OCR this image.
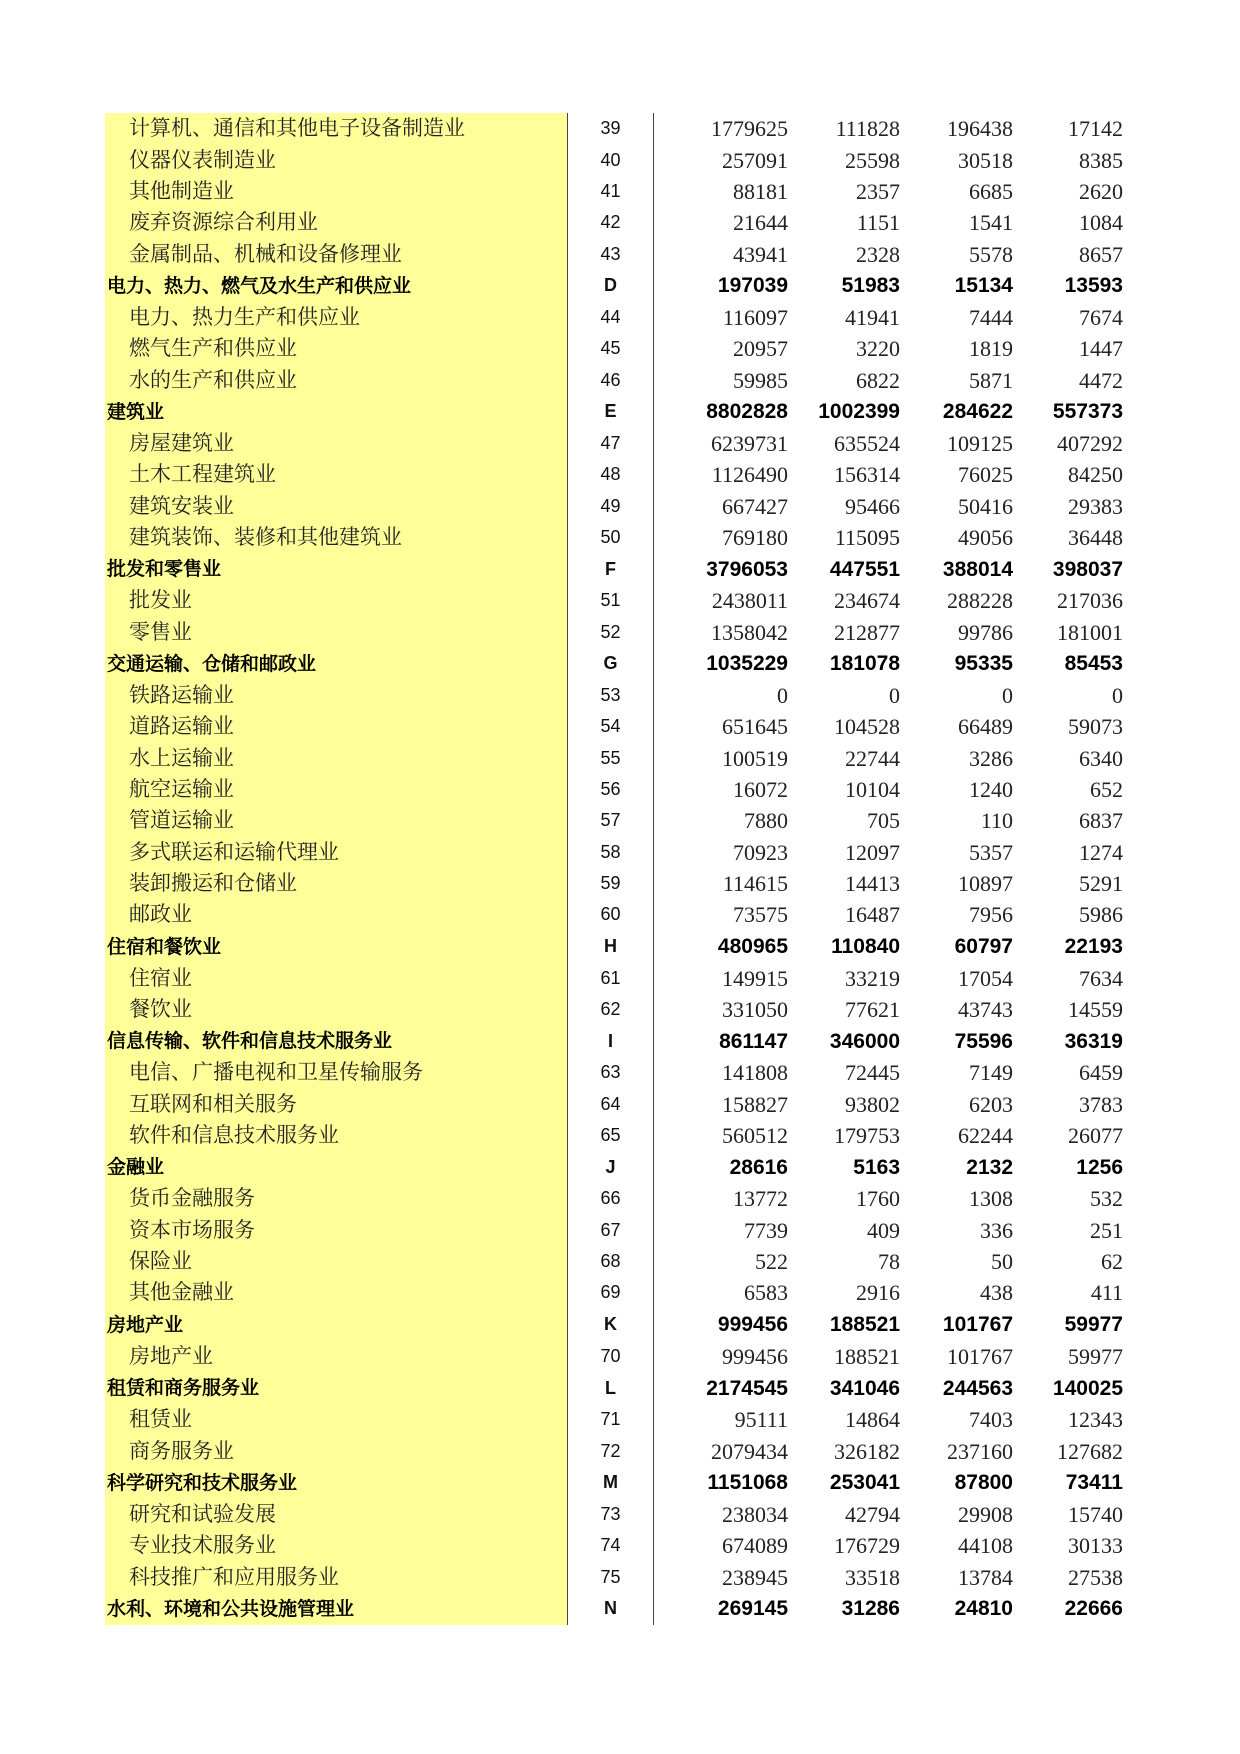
计算机、通信和其他电子设备制造业	39	1779625	111828	196438	17142
仪器仪表制造业	40	257091	25598	30518	8385
其他制造业	41	88181	2357	6685	2620
废弃资源综合利用业	42	21644	1151	1541	1084
金属制品、机械和设备修理业	43	43941	2328	5578	8657
电力、热力、燃气及水生产和供应业	D	197039	51983	15134	13593
电力、热力生产和供应业	44	116097	41941	7444	7674
燃气生产和供应业	45	20957	3220	1819	1447
水的生产和供应业	46	59985	6822	5871	4472
建筑业	E	8802828	1002399	284622	557373
房屋建筑业	47	6239731	635524	109125	407292
土木工程建筑业	48	1126490	156314	76025	84250
建筑安装业	49	667427	95466	50416	29383
建筑装饰、装修和其他建筑业	50	769180	115095	49056	36448
批发和零售业	F	3796053	447551	388014	398037
批发业	51	2438011	234674	288228	217036
零售业	52	1358042	212877	99786	181001
交通运输、仓储和邮政业	G	1035229	181078	95335	85453
铁路运输业	53	0	0	0	0
道路运输业	54	651645	104528	66489	59073
水上运输业	55	100519	22744	3286	6340
航空运输业	56	16072	10104	1240	652
管道运输业	57	7880	705	110	6837
多式联运和运输代理业	58	70923	12097	5357	1274
装卸搬运和仓储业	59	114615	14413	10897	5291
邮政业	60	73575	16487	7956	5986
住宿和餐饮业	H	480965	110840	60797	22193
住宿业	61	149915	33219	17054	7634
餐饮业	62	331050	77621	43743	14559
信息传输、软件和信息技术服务业	I	861147	346000	75596	36319
电信、广播电视和卫星传输服务	63	141808	72445	7149	6459
互联网和相关服务	64	158827	93802	6203	3783
软件和信息技术服务业	65	560512	179753	62244	26077
金融业	J	28616	5163	2132	1256
货币金融服务	66	13772	1760	1308	532
资本市场服务	67	7739	409	336	251
保险业	68	522	78	50	62
其他金融业	69	6583	2916	438	411
房地产业	K	999456	188521	101767	59977
房地产业	70	999456	188521	101767	59977
租赁和商务服务业	L	2174545	341046	244563	140025
租赁业	71	95111	14864	7403	12343
商务服务业	72	2079434	326182	237160	127682
科学研究和技术服务业	M	1151068	253041	87800	73411
研究和试验发展	73	238034	42794	29908	15740
专业技术服务业	74	674089	176729	44108	30133
科技推广和应用服务业	75	238945	33518	13784	27538
水利、环境和公共设施管理业	N	269145	31286	24810	22666
